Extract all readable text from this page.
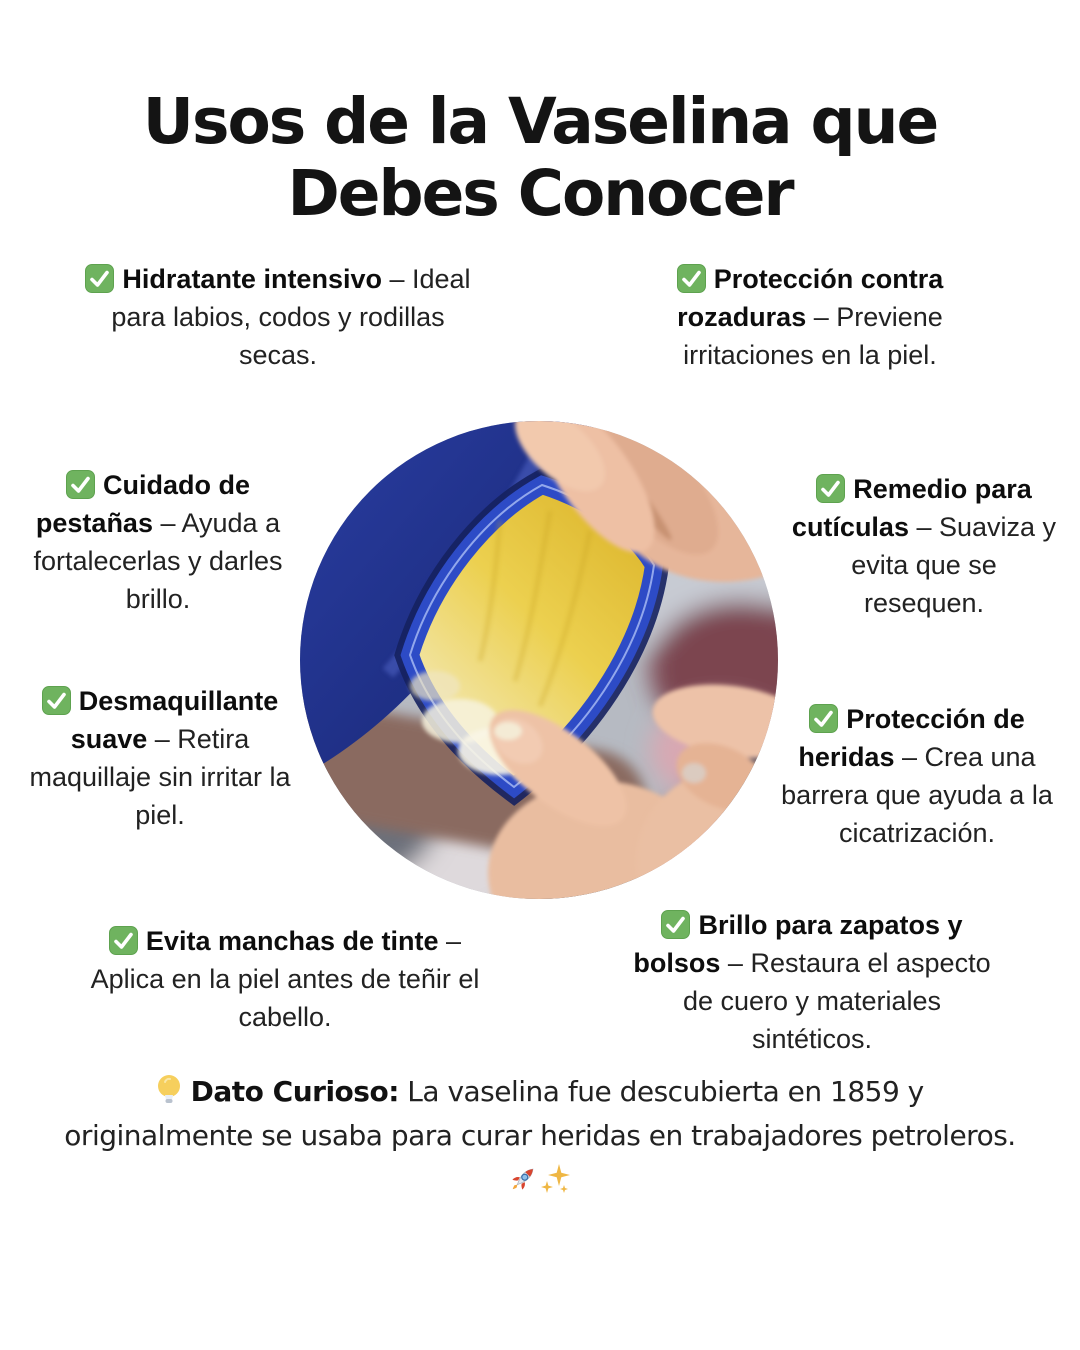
Usos de la Vaselina que
Debes Conocer

Hidratante intensivo – Ideal para labios, codos y rodillas secas.

Protección contra rozaduras – Previene irritaciones en la piel.

Cuidado de pestañas – Ayuda a fortalecerlas y darles brillo.

Remedio para cutículas – Suaviza y evita que se resequen.

Desmaquillante suave – Retira maquillaje sin irritar la piel.

Protección de heridas – Crea una barrera que ayuda a la cicatrización.

Evita manchas de tinte – Aplica en la piel antes de teñir el cabello.

Brillo para zapatos y bolsos – Restaura el aspecto de cuero y materiales sintéticos.

Dato Curioso: La vaselina fue descubierta en 1859 y originalmente se usaba para curar heridas en trabajadores petroleros.
